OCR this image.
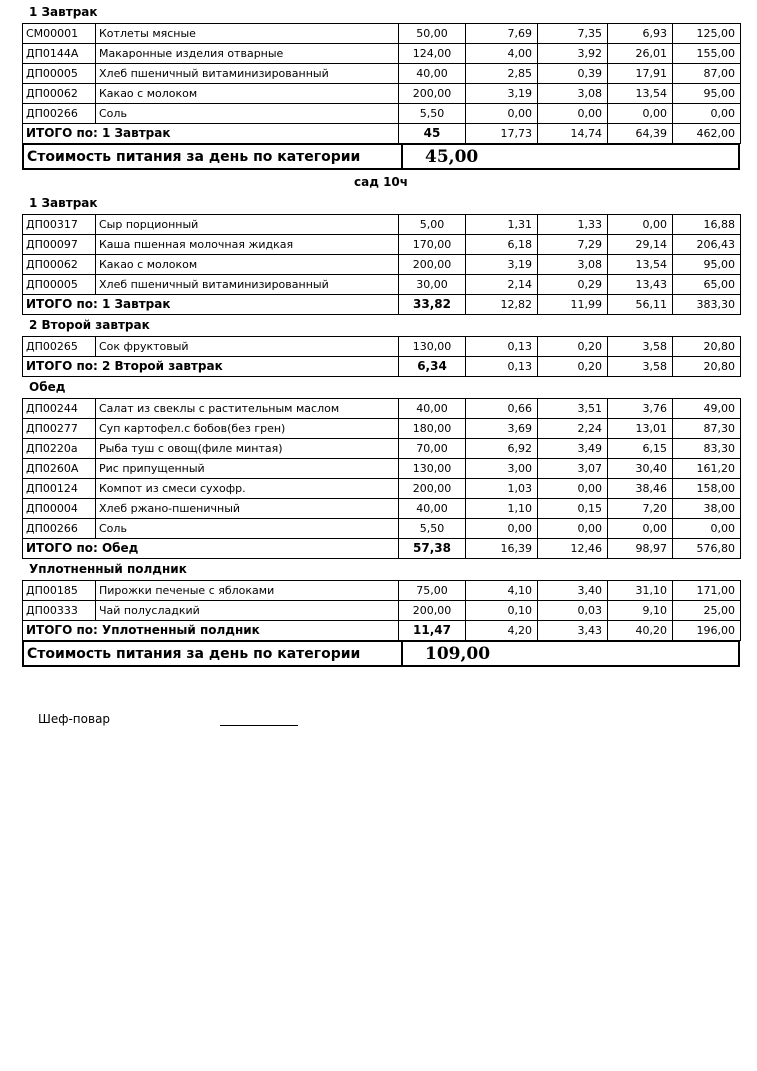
1 Завтрак
СМ00001	Котлеты мясные	50,00	7,69	7,35	6,93	125,00
ДП0144А	Макаронные изделия отварные	124,00	4,00	3,92	26,01	155,00
ДП00005	Хлеб пшеничный витаминизированный	40,00	2,85	0,39	17,91	87,00
ДП00062	Какао с молоком	200,00	3,19	3,08	13,54	95,00
ДП00266	Соль	5,50	0,00	0,00	0,00	0,00
ИТОГО по: 1 Завтрак		45	17,73	14,74	64,39	462,00
Стоимость питания за день по категории	45,00
сад 10ч
1 Завтрак
ДП00317	Сыр порционный	5,00	1,31	1,33	0,00	16,88
ДП00097	Каша пшенная молочная жидкая	170,00	6,18	7,29	29,14	206,43
ДП00062	Какао с молоком	200,00	3,19	3,08	13,54	95,00
ДП00005	Хлеб пшеничный витаминизированный	30,00	2,14	0,29	13,43	65,00
ИТОГО по: 1 Завтрак		33,82	12,82	11,99	56,11	383,30
2 Второй завтрак
ДП00265	Сок фруктовый	130,00	0,13	0,20	3,58	20,80
ИТОГО по: 2 Второй завтрак		6,34	0,13	0,20	3,58	20,80
Обед
ДП00244	Салат из свеклы с растительным маслом	40,00	0,66	3,51	3,76	49,00
ДП00277	Суп картофел.с бобов(без грен)	180,00	3,69	2,24	13,01	87,30
ДП0220а	Рыба туш с овощ(филе минтая)	70,00	6,92	3,49	6,15	83,30
ДП0260А	Рис припущенный	130,00	3,00	3,07	30,40	161,20
ДП00124	Компот из смеси сухофр.	200,00	1,03	0,00	38,46	158,00
ДП00004	Хлеб ржано-пшеничный	40,00	1,10	0,15	7,20	38,00
ДП00266	Соль	5,50	0,00	0,00	0,00	0,00
ИТОГО по: Обед		57,38	16,39	12,46	98,97	576,80
Уплотненный полдник
ДП00185	Пирожки печеные с яблоками	75,00	4,10	3,40	31,10	171,00
ДП00333	Чай полусладкий	200,00	0,10	0,03	9,10	25,00
ИТОГО по: Уплотненный полдник		11,47	4,20	3,43	40,20	196,00
Стоимость питания за день по категории	109,00
Шеф-повар
